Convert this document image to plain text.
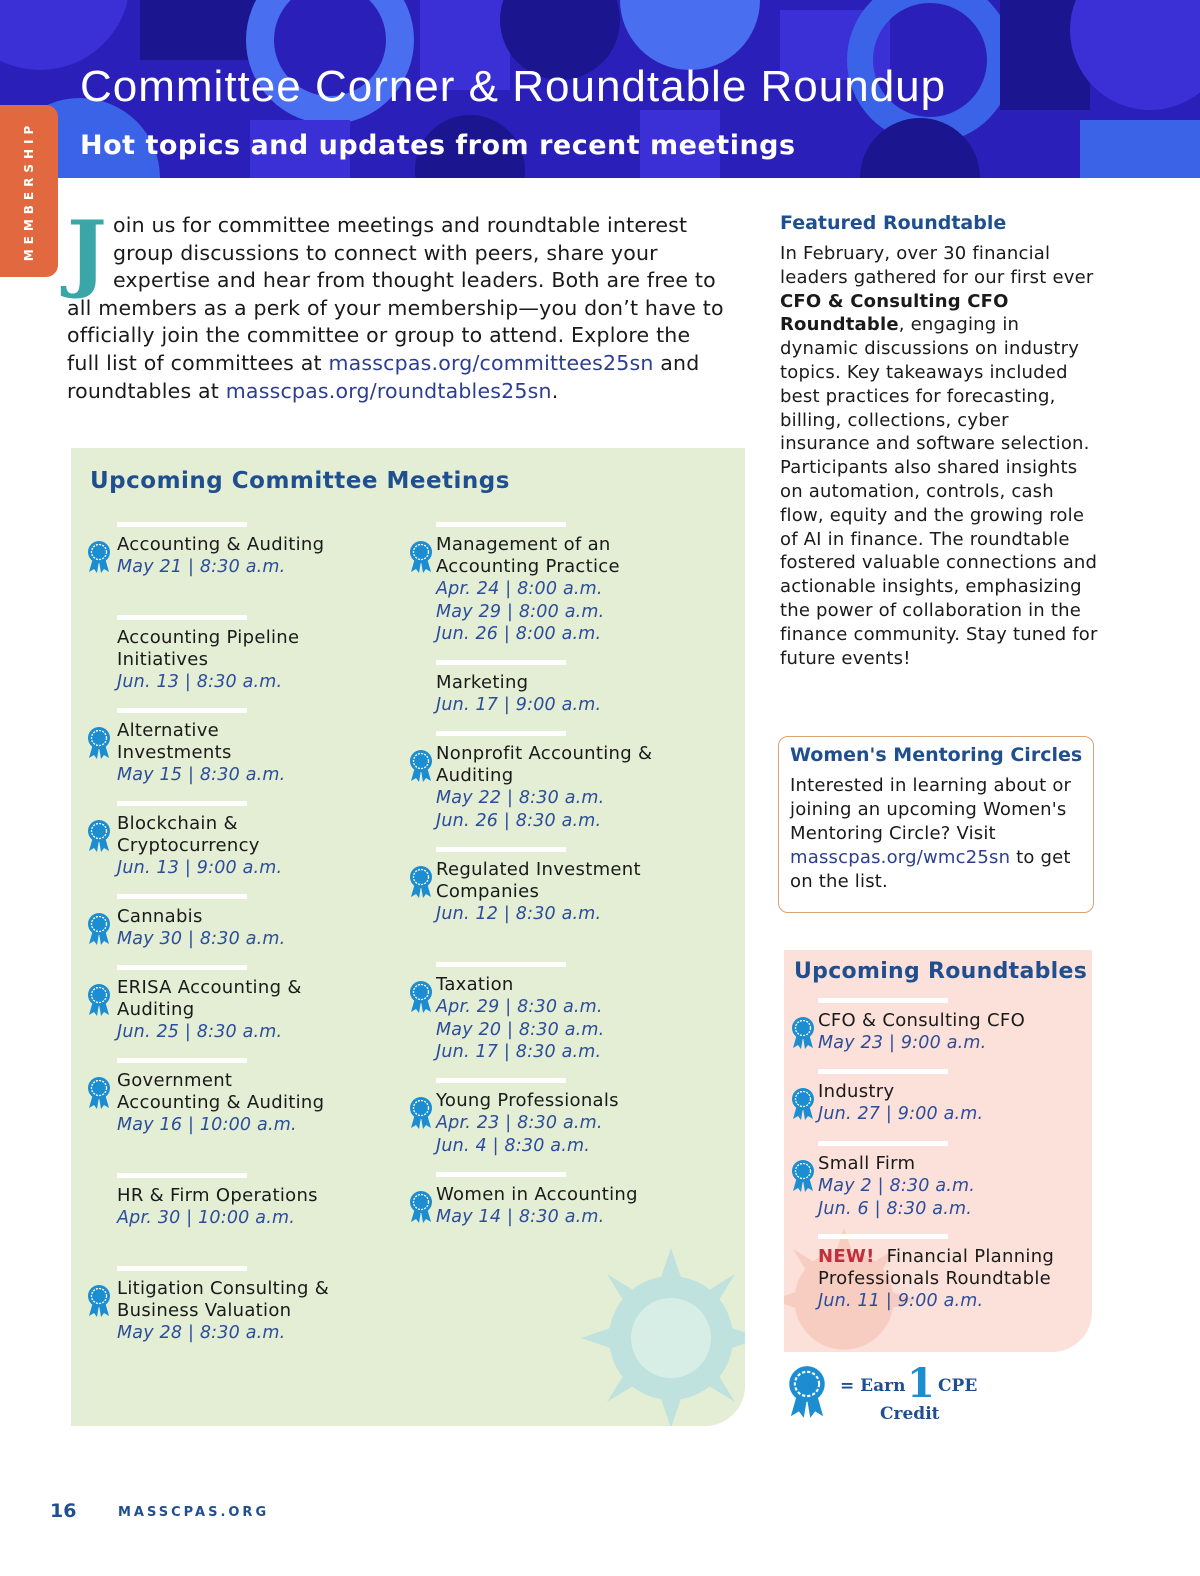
Committee Corner & Roundtable Roundup
Hot topics and updates from recent meetings
MEMBERSHIP J oin us for committee meetings and roundtable interest group discussions to connect with peers, share your expertise and hear from thought leaders. Both are free to all members as a perk of your membership—you don’t have to officially join the committee or group to attend. Explore the full list of committees at masscpas.org/committees25sn and roundtables at masscpas.org/roundtables25sn.
Upcoming Committee Meetings
Accounting & Auditing
May 21 | 8:30 a.m.
Accounting Pipeline Initiatives
Jun. 13 | 8:30 a.m.
Alternative Investments
May 15 | 8:30 a.m.
Blockchain & Cryptocurrency
Jun. 13 | 9:00 a.m.
Cannabis
May 30 | 8:30 a.m.
ERISA Accounting & Auditing
Jun. 25 | 8:30 a.m.
Government Accounting & Auditing
May 16 | 10:00 a.m.
HR & Firm Operations
Apr. 30 | 10:00 a.m.
Litigation Consulting & Business Valuation
May 28 | 8:30 a.m.
Management of an Accounting Practice
Apr. 24 | 8:00 a.m.
May 29 | 8:00 a.m.
Jun. 26 | 8:00 a.m.
Marketing
Jun. 17 | 9:00 a.m.
Nonprofit Accounting & Auditing
May 22 | 8:30 a.m.
Jun. 26 | 8:30 a.m.
Regulated Investment Companies
Jun. 12 | 8:30 a.m.
Taxation
Apr. 29 | 8:30 a.m.
May 20 | 8:30 a.m.
Jun. 17 | 8:30 a.m.
Young Professionals
Apr. 23 | 8:30 a.m.
Jun. 4 | 8:30 a.m.
Women in Accounting
May 14 | 8:30 a.m.
Featured Roundtable
In February, over 30 financial leaders gathered for our first ever CFO & Consulting CFO Roundtable, engaging in dynamic discussions on industry topics. Key takeaways included best practices for forecasting, billing, collections, cyber insurance and software selection. Participants also shared insights on automation, controls, cash flow, equity and the growing role of AI in finance. The roundtable fostered valuable connections and actionable insights, emphasizing the power of collaboration in the finance community. Stay tuned for future events!
Women's Mentoring Circles
Interested in learning about or joining an upcoming Women's Mentoring Circle? Visit masscpas.org/wmc25sn to get on the list.
Upcoming Roundtables
CFO & Consulting CFO
May 23 | 9:00 a.m.
Industry
Jun. 27 | 9:00 a.m.
Small Firm
May 2 | 8:30 a.m.
Jun. 6 | 8:30 a.m.
NEW! Financial Planning Professionals Roundtable
Jun. 11 | 9:00 a.m.
= Earn 1 CPE
Credit
16	MASSCPAS.ORG
